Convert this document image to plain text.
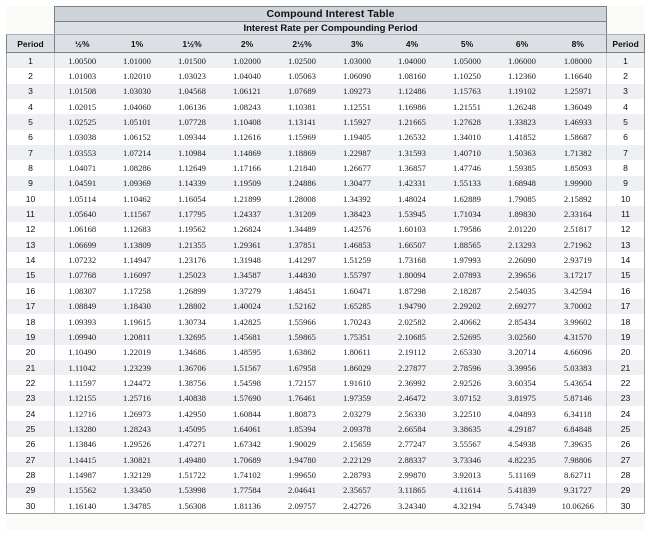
	Compound Interest Table										
	Interest Rate per Compounding Period										
Period	½%	1%	1½%	2%	2½%	3%	4%	5%	6%	8%	Period
1	1.00500	1.01000	1.01500	1.02000	1.02500	1.03000	1.04000	1.05000	1.06000	1.08000	1
2	1.01003	1.02010	1.03023	1.04040	1.05063	1.06090	1.08160	1.10250	1.12360	1.16640	2
3	1.01508	1.03030	1.04568	1.06121	1.07689	1.09273	1.12486	1.15763	1.19102	1.25971	3
4	1.02015	1.04060	1.06136	1.08243	1.10381	1.12551	1.16986	1.21551	1.26248	1.36049	4
5	1.02525	1.05101	1.07728	1.10408	1.13141	1.15927	1.21665	1.27628	1.33823	1.46933	5
6	1.03038	1.06152	1.09344	1.12616	1.15969	1.19405	1.26532	1.34010	1.41852	1.58687	6
7	1.03553	1.07214	1.10984	1.14869	1.18869	1.22987	1.31593	1.40710	1.50363	1.71382	7
8	1.04071	1.08286	1.12649	1.17166	1.21840	1.26677	1.36857	1.47746	1.59385	1.85093	8
9	1.04591	1.09369	1.14339	1.19509	1.24886	1.30477	1.42331	1.55133	1.68948	1.99900	9
10	1.05114	1.10462	1.16054	1.21899	1.28008	1.34392	1.48024	1.62889	1.79085	2.15892	10
11	1.05640	1.11567	1.17795	1.24337	1.31209	1.38423	1.53945	1.71034	1.89830	2.33164	11
12	1.06168	1.12683	1.19562	1.26824	1.34489	1.42576	1.60103	1.79586	2.01220	2.51817	12
13	1.06699	1.13809	1.21355	1.29361	1.37851	1.46853	1.66507	1.88565	2.13293	2.71962	13
14	1.07232	1.14947	1.23176	1.31948	1.41297	1.51259	1.73168	1.97993	2.26090	2.93719	14
15	1.07768	1.16097	1.25023	1.34587	1.44830	1.55797	1.80094	2.07893	2.39656	3.17217	15
16	1.08307	1.17258	1.26899	1.37279	1.48451	1.60471	1.87298	2.18287	2.54035	3.42594	16
17	1.08849	1.18430	1.28802	1.40024	1.52162	1.65285	1.94790	2.29202	2.69277	3.70002	17
18	1.09393	1.19615	1.30734	1.42825	1.55966	1.70243	2.02582	2.40662	2.85434	3.99602	18
19	1.09940	1.20811	1.32695	1.45681	1.59865	1.75351	2.10685	2.52695	3.02560	4.31570	19
20	1.10490	1.22019	1.34686	1.48595	1.63862	1.80611	2.19112	2.65330	3.20714	4.66096	20
21	1.11042	1.23239	1.36706	1.51567	1.67958	1.86029	2.27877	2.78596	3.39956	5.03383	21
22	1.11597	1.24472	1.38756	1.54598	1.72157	1.91610	2.36992	2.92526	3.60354	5.43654	22
23	1.12155	1.25716	1.40838	1.57690	1.76461	1.97359	2.46472	3.07152	3.81975	5.87146	23
24	1.12716	1.26973	1.42950	1.60844	1.80873	2.03279	2.56330	3.22510	4.04893	6.34118	24
25	1.13280	1.28243	1.45095	1.64061	1.85394	2.09378	2.66584	3.38635	4.29187	6.84848	25
26	1.13846	1.29526	1.47271	1.67342	1.90029	2.15659	2.77247	3.55567	4.54938	7.39635	26
27	1.14415	1.30821	1.49480	1.70689	1.94780	2.22129	2.88337	3.73346	4.82235	7.98806	27
28	1.14987	1.32129	1.51722	1.74102	1.99650	2.28793	2.99870	3.92013	5.11169	8.62711	28
29	1.15562	1.33450	1.53998	1.77584	2.04641	2.35657	3.11865	4.11614	5.41839	9.31727	29
30	1.16140	1.34785	1.56308	1.81136	2.09757	2.42726	3.24340	4.32194	5.74349	10.06266	30
